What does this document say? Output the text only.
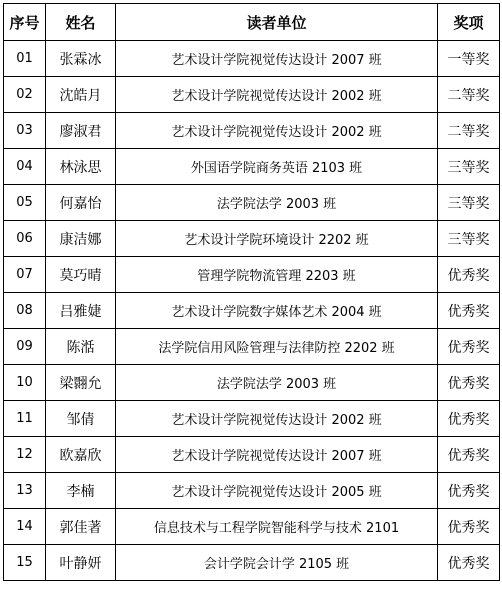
序号	姓名	读者单位	奖项
01	张霖冰	艺术设计学院视觉传达设计 2007 班	一等奖
02	沈皓月	艺术设计学院视觉传达设计 2002 班	二等奖
03	廖淑君	艺术设计学院视觉传达设计 2002 班	二等奖
04	林泳思	外国语学院商务英语 2103 班	三等奖
05	何嘉怡	法学院法学 2003 班	三等奖
06	康洁娜	艺术设计学院环境设计 2202 班	三等奖
07	莫巧晴	管理学院物流管理 2203 班	优秀奖
08	吕雅婕	艺术设计学院数字媒体艺术 2004 班	优秀奖
09	陈湉	法学院信用风险管理与法律防控 2202 班	优秀奖
10	梁翾允	法学院法学 2003 班	优秀奖
11	邹倩	艺术设计学院视觉传达设计 2002 班	优秀奖
12	欧嘉欣	艺术设计学院视觉传达设计 2007 班	优秀奖
13	李楠	艺术设计学院视觉传达设计 2005 班	优秀奖
14	郭佳著	信息技术与工程学院智能科学与技术 2101	优秀奖
15	叶静妍	会计学院会计学 2105 班	优秀奖
